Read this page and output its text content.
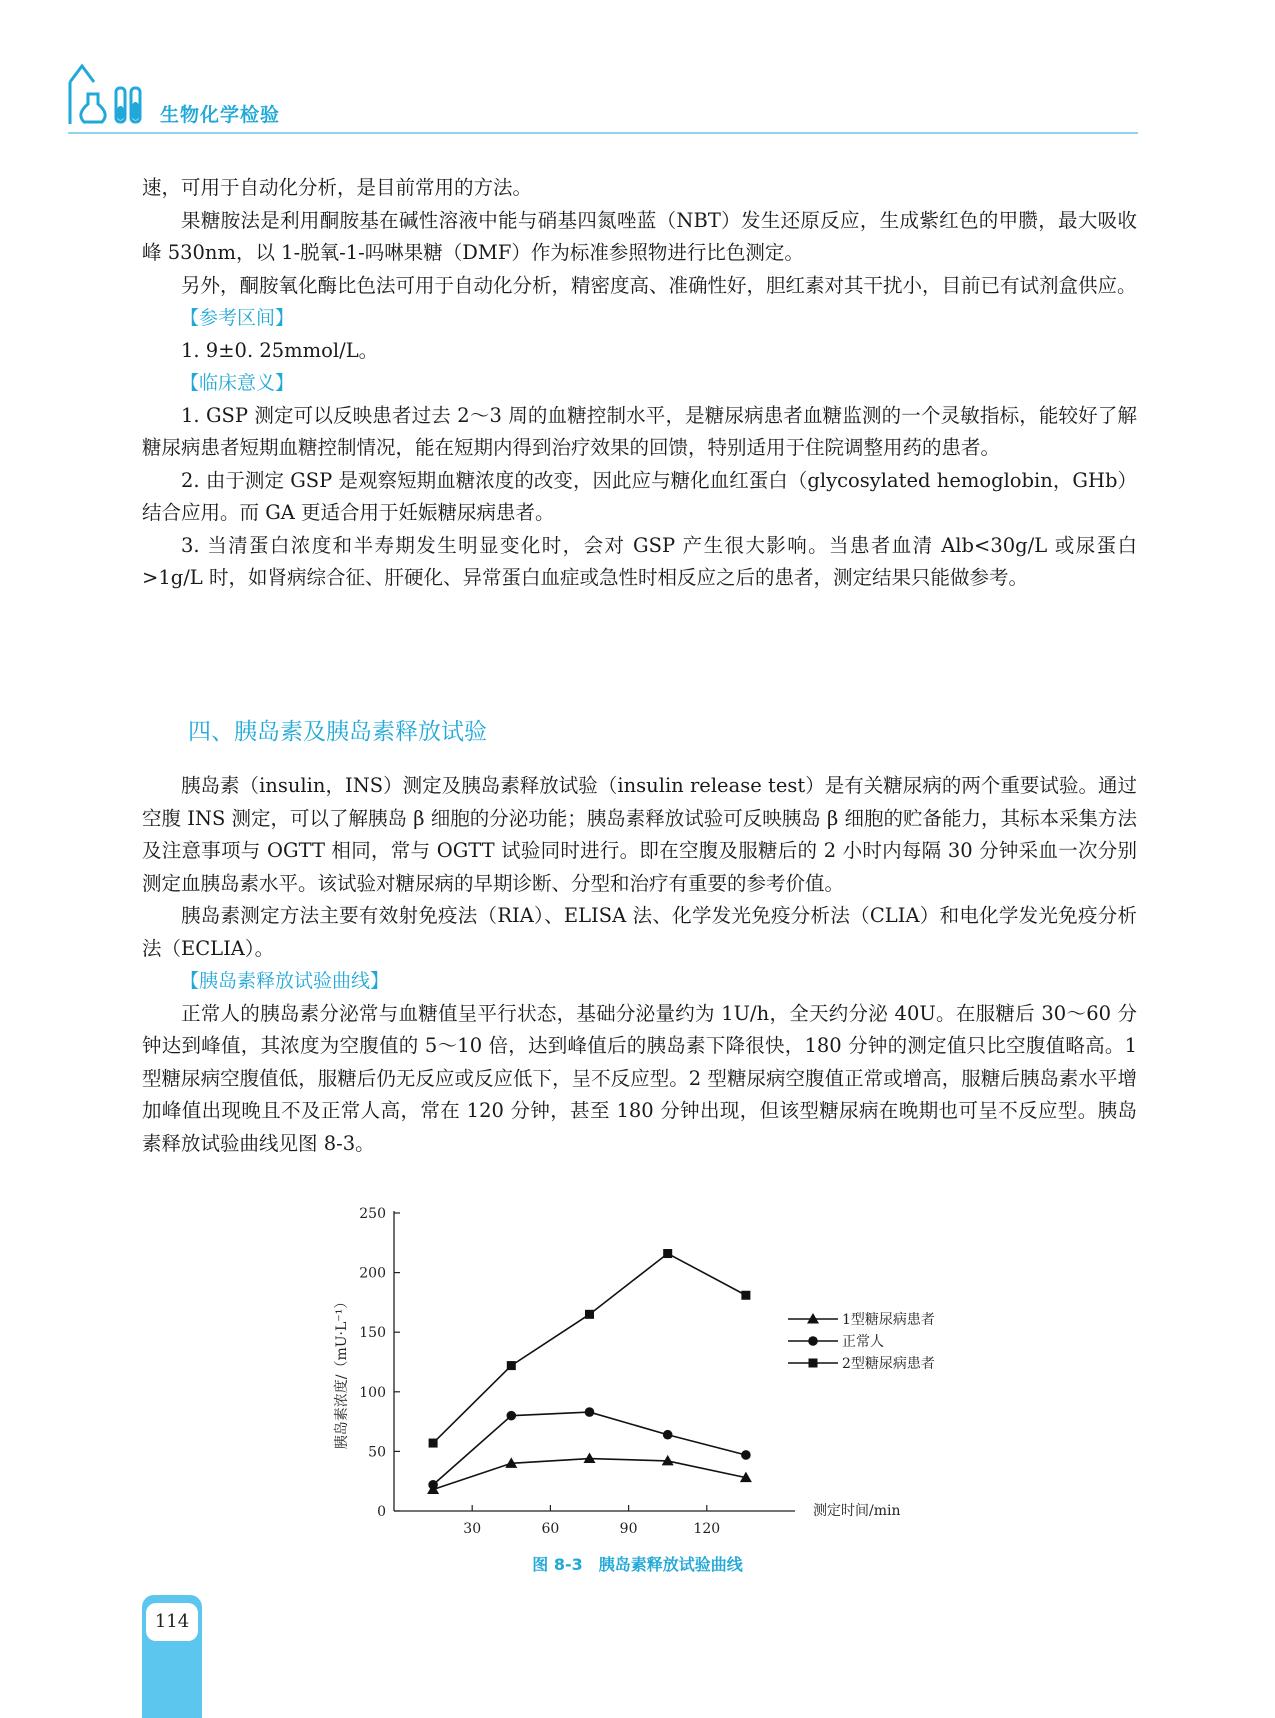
生物化学检验

速，可用于自动化分析，是目前常用的方法。

果糖胺法是利用酮胺基在碱性溶液中能与硝基四氮唑蓝（NBT）发生还原反应，生成紫红色的甲臜，最大吸收峰 530nm，以 1-脱氧-1-吗啉果糖（DMF）作为标准参照物进行比色测定。

另外，酮胺氧化酶比色法可用于自动化分析，精密度高、准确性好，胆红素对其干扰小，目前已有试剂盒供应。

【参考区间】

1. 9±0. 25mmol/L。

【临床意义】

1. GSP 测定可以反映患者过去 2～3 周的血糖控制水平，是糖尿病患者血糖监测的一个灵敏指标，能较好了解糖尿病患者短期血糖控制情况，能在短期内得到治疗效果的回馈，特别适用于住院调整用药的患者。

2. 由于测定 GSP 是观察短期血糖浓度的改变，因此应与糖化血红蛋白（glycosylated hemoglobin，GHb）结合应用。而 GA 更适合用于妊娠糖尿病患者。

3. 当清蛋白浓度和半寿期发生明显变化时，会对 GSP 产生很大影响。当患者血清 Alb<30g/L 或尿蛋白>1g/L 时，如肾病综合征、肝硬化、异常蛋白血症或急性时相反应之后的患者，测定结果只能做参考。

四、胰岛素及胰岛素释放试验

胰岛素（insulin，INS）测定及胰岛素释放试验（insulin release test）是有关糖尿病的两个重要试验。通过空腹 INS 测定，可以了解胰岛 β 细胞的分泌功能；胰岛素释放试验可反映胰岛 β 细胞的贮备能力，其标本采集方法及注意事项与 OGTT 相同，常与 OGTT 试验同时进行。即在空腹及服糖后的 2 小时内每隔 30 分钟采血一次分别测定血胰岛素水平。该试验对糖尿病的早期诊断、分型和治疗有重要的参考价值。

胰岛素测定方法主要有效射免疫法（RIA）、ELISA 法、化学发光免疫分析法（CLIA）和电化学发光免疫分析法（ECLIA）。

【胰岛素释放试验曲线】

正常人的胰岛素分泌常与血糖值呈平行状态，基础分泌量约为 1U/h，全天约分泌 40U。在服糖后 30～60 分钟达到峰值，其浓度为空腹值的 5～10 倍，达到峰值后的胰岛素下降很快，180 分钟的测定值只比空腹值略高。1 型糖尿病空腹值低，服糖后仍无反应或反应低下，呈不反应型。2 型糖尿病空腹值正常或增高，服糖后胰岛素水平增加峰值出现晚且不及正常人高，常在 120 分钟，甚至 180 分钟出现，但该型糖尿病在晚期也可呈不反应型。胰岛素释放试验曲线见图 8-3。

0
50
100
150
200
250
30	60	90	120
测定时间/min
胰岛素浓度/（mU·L⁻¹）	1型糖尿病患者
正常人
2型糖尿病患者
图 8-3　胰岛素释放试验曲线
114
